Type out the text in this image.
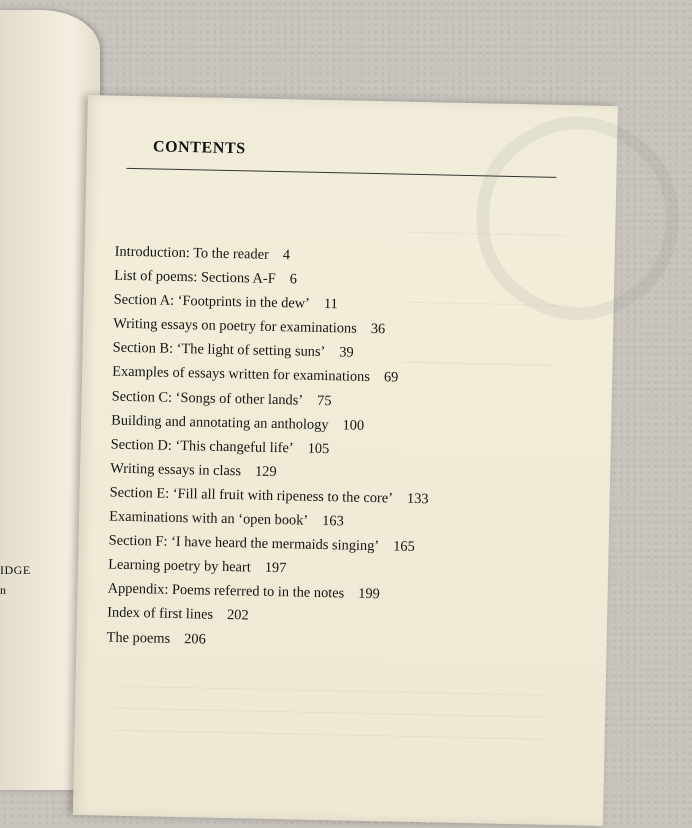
IDGE
n
◯
CONTENTS
Introduction: To the reader 4
List of poems: Sections A-F 6
Section A: ‘Footprints in the dew’ 11
Writing essays on poetry for examinations 36
Section B: ‘The light of setting suns’ 39
Examples of essays written for examinations 69
Section C: ‘Songs of other lands’ 75
Building and annotating an anthology 100
Section D: ‘This changeful life’ 105
Writing essays in class 129
Section E: ‘Fill all fruit with ripeness to the core’ 133
Examinations with an ‘open book’ 163
Section F: ‘I have heard the mermaids singing’ 165
Learning poetry by heart 197
Appendix: Poems referred to in the notes 199
Index of first lines 202
The poems 206
